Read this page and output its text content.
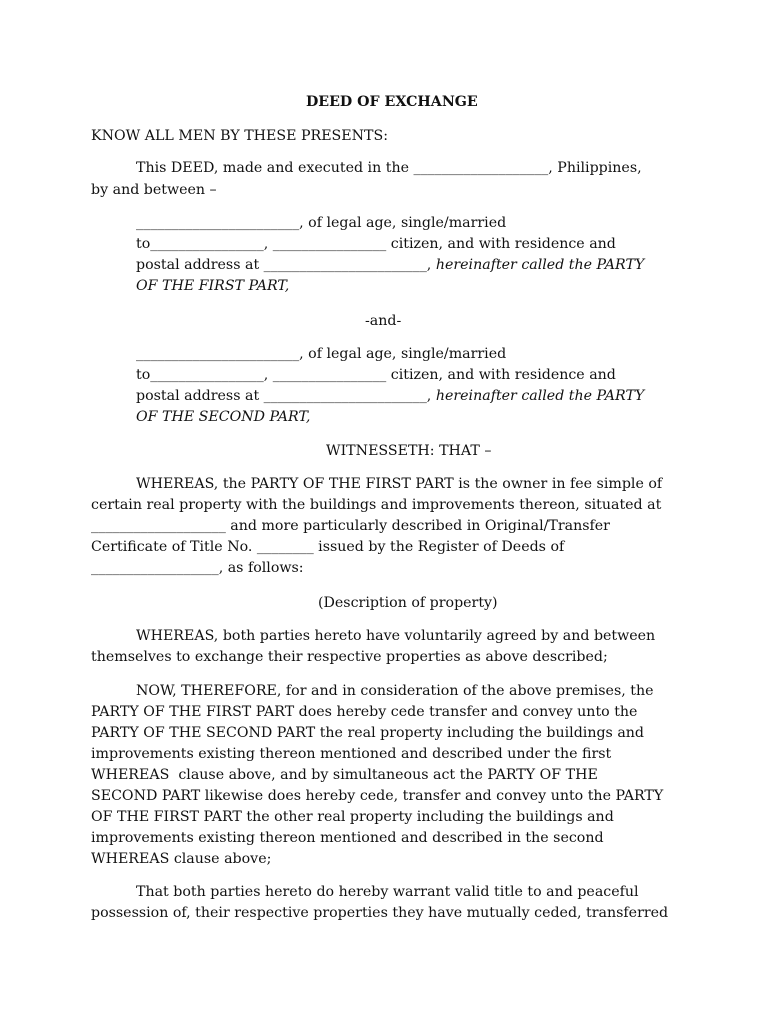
DEED OF EXCHANGE
KNOW ALL MEN BY THESE PRESENTS:
This DEED, made and executed in the ___________________, Philippines,
by and between –
_______________________, of legal age, single/married
to________________, ________________ citizen, and with residence and
postal address at _______________________, hereinafter called the PARTY
OF THE FIRST PART,
-and-
_______________________, of legal age, single/married
to________________, ________________ citizen, and with residence and
postal address at _______________________, hereinafter called the PARTY
OF THE SECOND PART,
WITNESSETH: THAT –
WHEREAS, the PARTY OF THE FIRST PART is the owner in fee simple of
certain real property with the buildings and improvements thereon, situated at
___________________ and more particularly described in Original/Transfer
Certificate of Title No. ________ issued by the Register of Deeds of
__________________, as follows:
(Description of property)
WHEREAS, both parties hereto have voluntarily agreed by and between
themselves to exchange their respective properties as above described;
NOW, THEREFORE, for and in consideration of the above premises, the
PARTY OF THE FIRST PART does hereby cede transfer and convey unto the
PARTY OF THE SECOND PART the real property including the buildings and
improvements existing thereon mentioned and described under the first
WHEREAS  clause above, and by simultaneous act the PARTY OF THE
SECOND PART likewise does hereby cede, transfer and convey unto the PARTY
OF THE FIRST PART the other real property including the buildings and
improvements existing thereon mentioned and described in the second
WHEREAS clause above;
That both parties hereto do hereby warrant valid title to and peaceful
possession of, their respective properties they have mutually ceded, transferred
